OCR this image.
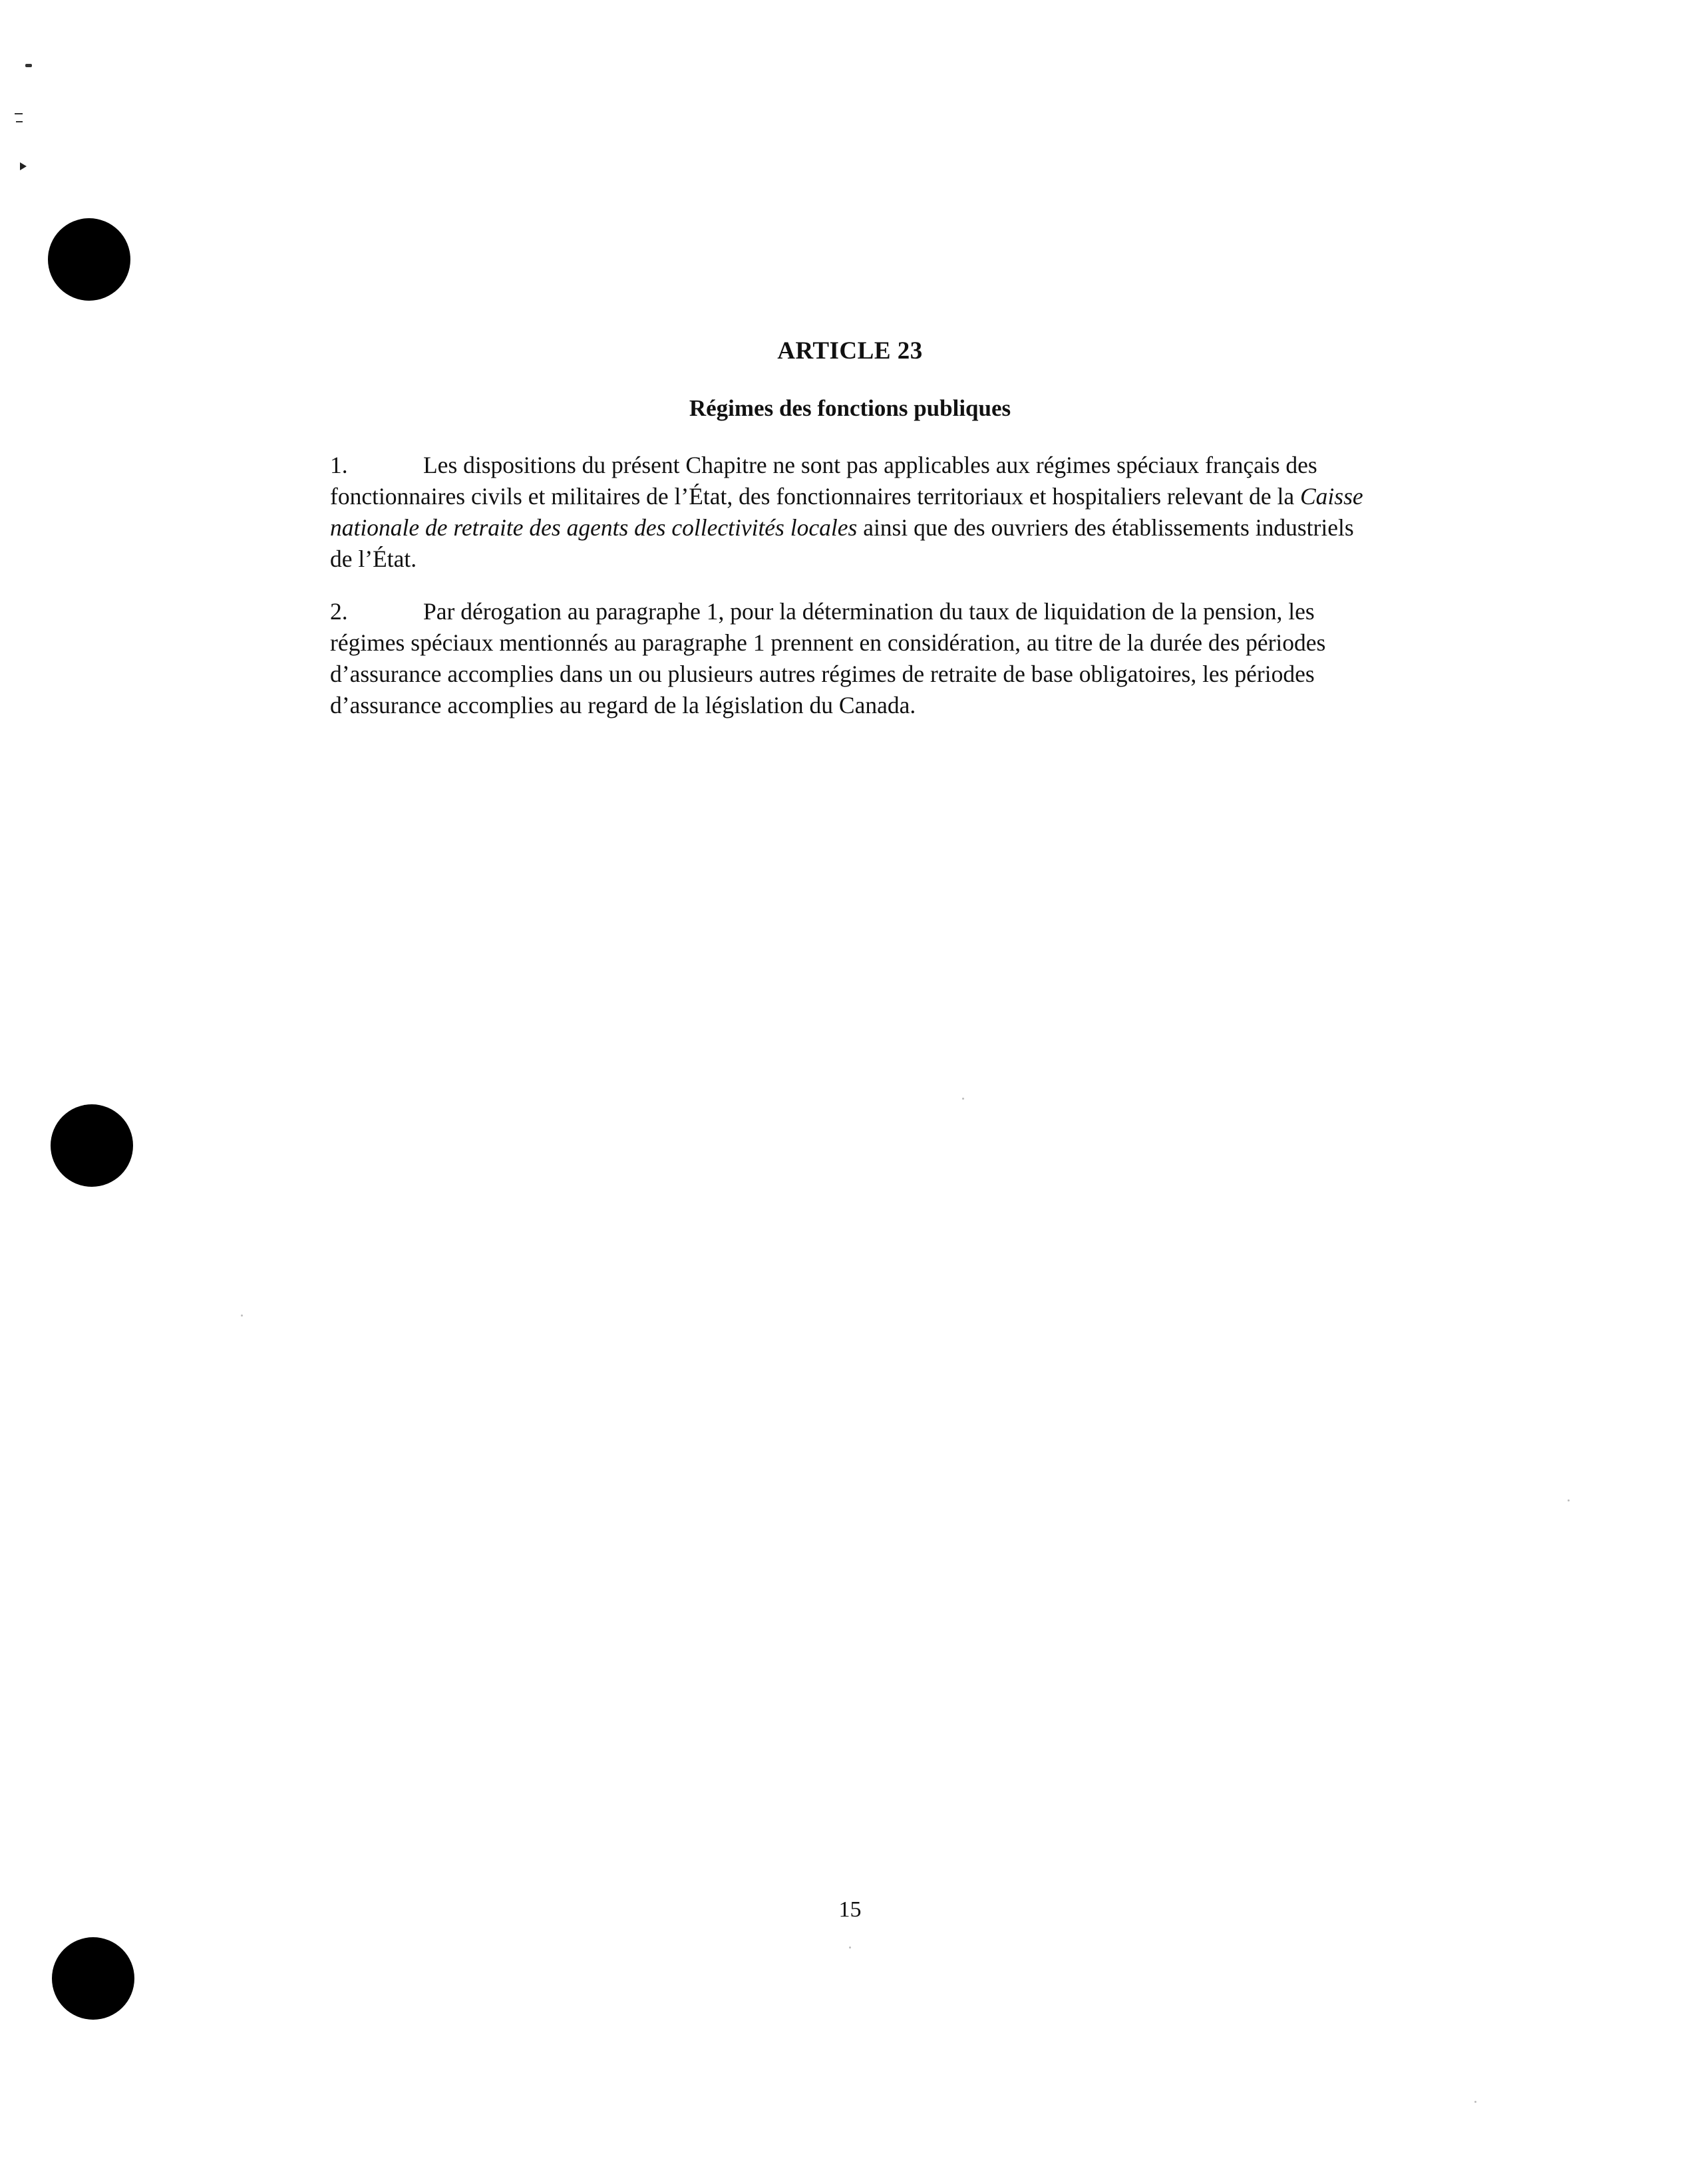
ARTICLE 23
Régimes des fonctions publiques

1.	Les dispositions du présent Chapitre ne sont pas applicables aux régimes spéciaux français des fonctionnaires civils et militaires de l’État, des fonctionnaires territoriaux et hospitaliers relevant de la Caisse nationale de retraite des agents des collectivités locales ainsi que des ouvriers des établissements industriels de l’État.

2.	Par dérogation au paragraphe 1, pour la détermination du taux de liquidation de la pension, les régimes spéciaux mentionnés au paragraphe 1 prennent en considération, au titre de la durée des périodes d’assurance accomplies dans un ou plusieurs autres régimes de retraite de base obligatoires, les périodes d’assurance accomplies au regard de la législation du Canada.

15
